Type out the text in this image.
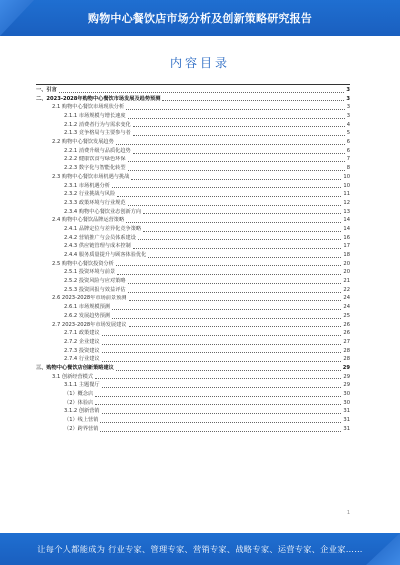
购物中心餐饮店市场分析及创新策略研究报告
内容目录
一、引言	3
二、2023-2028年购物中心餐饮市场发展及趋势预测	3
2.1 购物中心餐饮市场现状分析	3
2.1.1 市场规模与增长速度	3
2.1.2 消费者行为与需求变化	4
2.1.3 竞争格局与主要参与者	5
2.2 购物中心餐饮发展趋势	6
2.2.1 消费升级与品质化趋势	6
2.2.2 健康饮食与绿色环保	7
2.2.3 数字化与智能化转型	8
2.3 购物中心餐饮市场机遇与挑战	10
2.3.1 市场机遇分析	10
2.3.2 行业挑战与风险	11
2.3.3 政策环境与行业规范	12
2.3.4 购物中心餐饮业态创新方向	13
2.4 购物中心餐饮品牌运营策略	14
2.4.1 品牌定位与差异化竞争策略	14
2.4.2 营销推广与会员体系建设	16
2.4.3 供应链管理与成本控制	17
2.4.4 服务质量提升与顾客体验优化	18
2.5 购物中心餐饮投资分析	20
2.5.1 投资环境与前景	20
2.5.2 投资风险与应对策略	21
2.5.3 投资回报与效益评估	22
2.6 2023-2028年市场前景预测	24
2.6.1 市场规模预测	24
2.6.2 发展趋势预测	25
2.7 2023-2028年市场发展建议	26
2.7.1 政策建议	26
2.7.2 企业建议	27
2.7.3 投资建议	28
2.7.4 行业建议	28
三、购物中心餐饮店创新策略建议	29
3.1 创新经营模式	29
3.1.1 主题餐厅	29
（1）概念店	30
（2）体验店	30
3.1.2 创新营销	31
（1）线上营销	31
（2）跨界营销	31
1
让每个人都能成为 行业专家、管理专家、营销专家、战略专家、运营专家、企业家……
